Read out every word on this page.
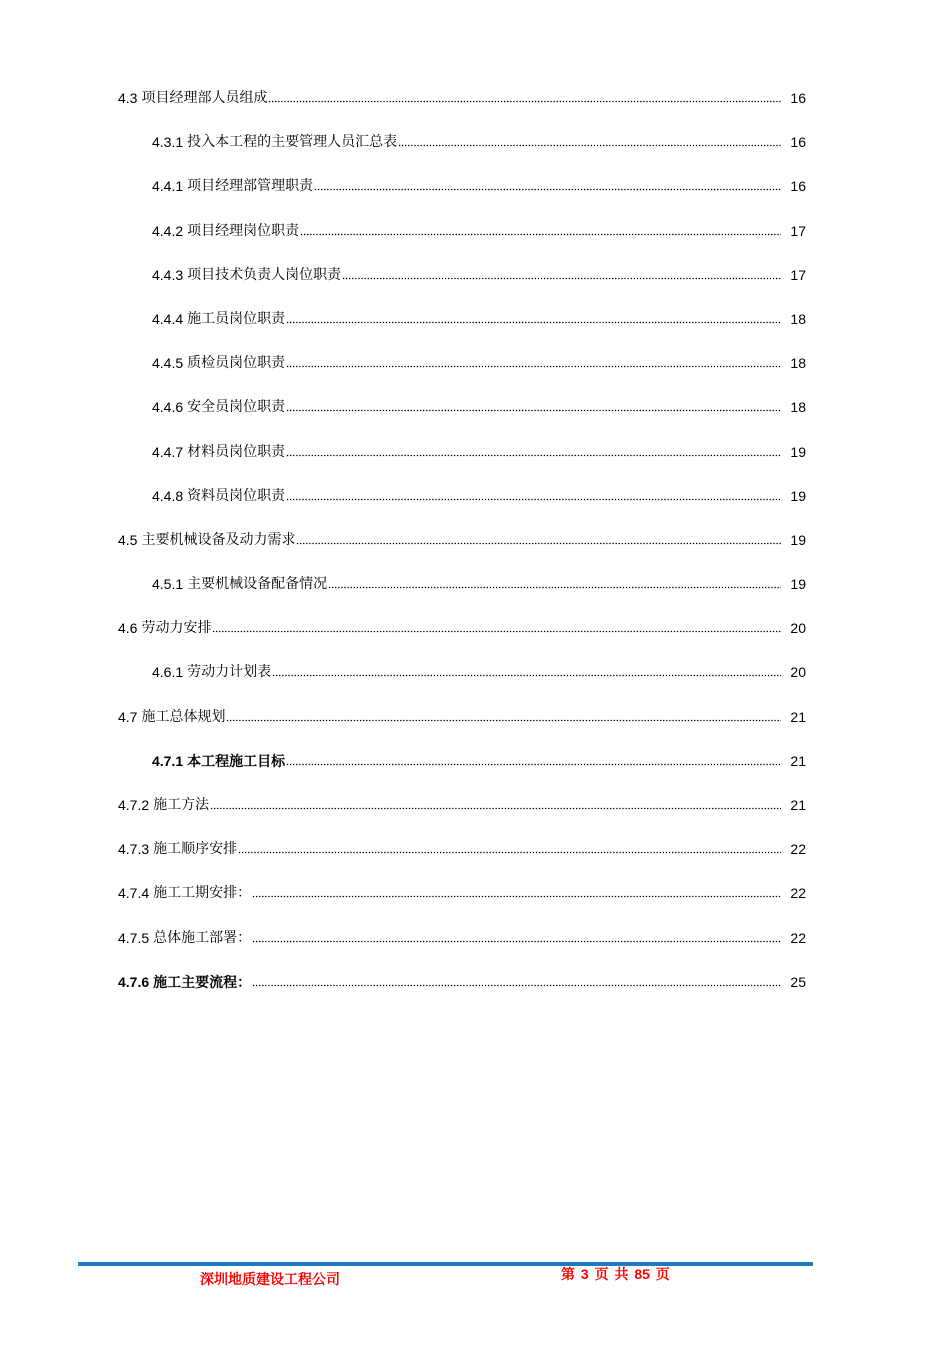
4.3 项目经理部人员组成	16
4.3.1 投入本工程的主要管理人员汇总表	16
4.4.1 项目经理部管理职责	16
4.4.2 项目经理岗位职责	17
4.4.3 项目技术负责人岗位职责	17
4.4.4 施工员岗位职责	18
4.4.5 质检员岗位职责	18
4.4.6 安全员岗位职责	18
4.4.7 材料员岗位职责	19
4.4.8 资料员岗位职责	19
4.5 主要机械设备及动力需求	19
4.5.1 主要机械设备配备情况	19
4.6 劳动力安排	20
4.6.1 劳动力计划表	20
4.7 施工总体规划	21
4.7.1 本工程施工目标	21
4.7.2 施工方法	21
4.7.3 施工顺序安排	22
4.7.4 施工工期安排：	22
4.7.5 总体施工部署：	22
4.7.6 施工主要流程：	25
深圳地质建设工程公司	第 3 页 共 85 页
